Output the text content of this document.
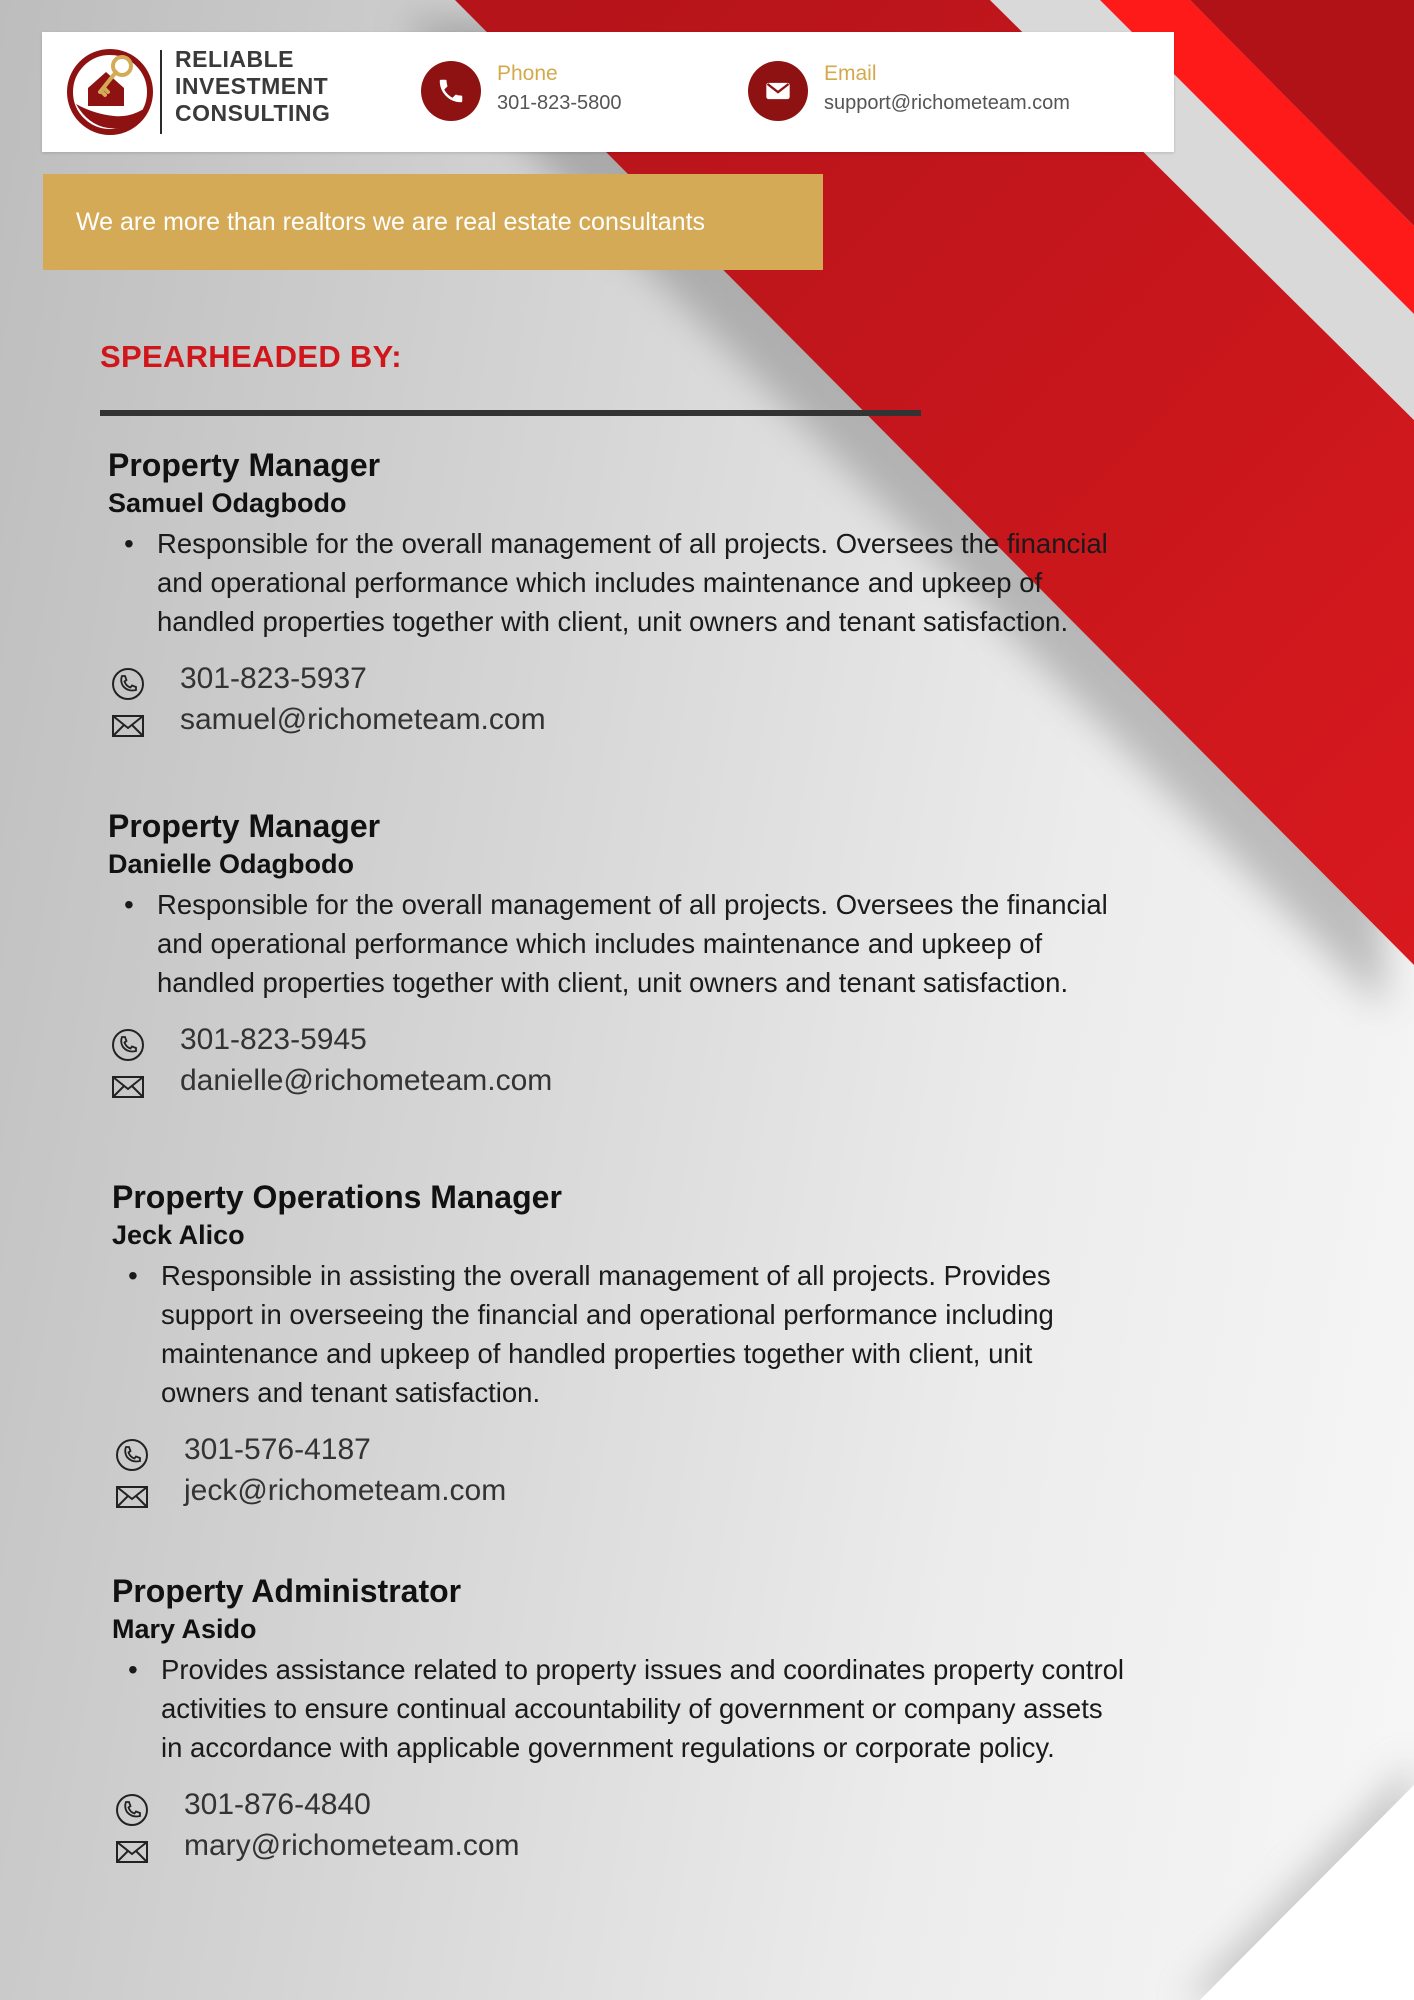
RELIABLE
INVESTMENT
CONSULTING
Phone
301-823-5800
Email
support@richometeam.com
We are more than realtors we are real estate consultants
SPEARHEADED BY:
Property Manager
Samuel Odagbodo
• Responsible for the overall management of all projects. Oversees the financial
and operational performance which includes maintenance and upkeep of
handled properties together with client, unit owners and tenant satisfaction.
301-823-5937
samuel@richometeam.com
Property Manager
Danielle Odagbodo
• Responsible for the overall management of all projects. Oversees the financial
and operational performance which includes maintenance and upkeep of
handled properties together with client, unit owners and tenant satisfaction.
301-823-5945
danielle@richometeam.com
Property Operations Manager
Jeck Alico
• Responsible in assisting the overall management of all projects. Provides
support in overseeing the financial and operational performance including
maintenance and upkeep of handled properties together with client, unit
owners and tenant satisfaction.
301-576-4187
jeck@richometeam.com
Property Administrator
Mary Asido
• Provides assistance related to property issues and coordinates property control
activities to ensure continual accountability of government or company assets
in accordance with applicable government regulations or corporate policy.
301-876-4840
mary@richometeam.com
